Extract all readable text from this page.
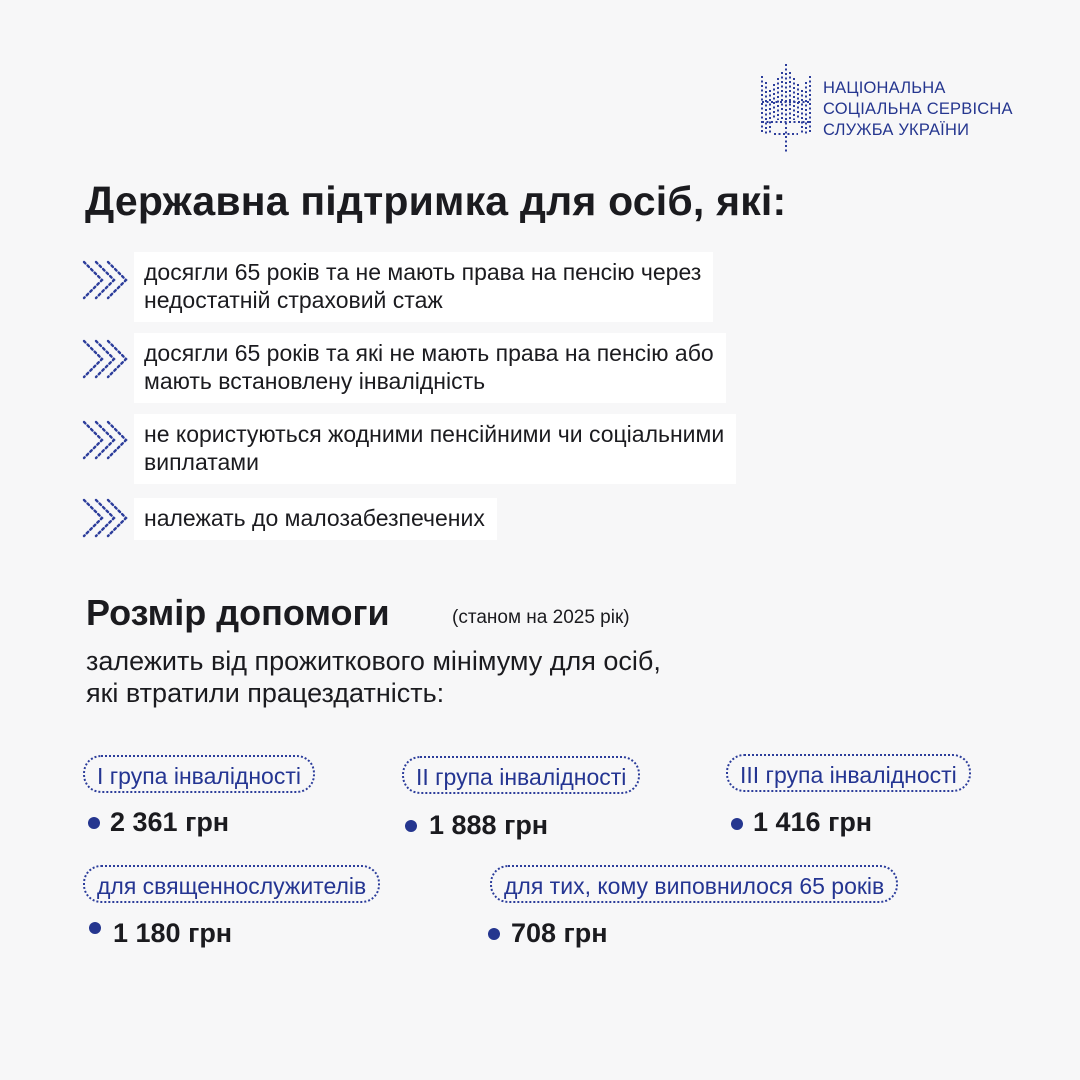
НАЦІОНАЛЬНА
СОЦІАЛЬНА СЕРВІСНА
СЛУЖБА УКРАЇНИ
Державна підтримка для осіб, які:
досягли 65 років та не мають права на пенсію через
недостатній страховий стаж
досягли 65 років та які не мають права на пенсію або
мають встановлену інвалідність
не користуються жодними пенсійними чи соціальними
виплатами
належать до малозабезпечених
Розмір допомоги	(станом на 2025 рік)
залежить від прожиткового мінімуму для осіб,
які втратили працездатність:
I група інвалідності
2 361 грн
II група інвалідності
1 888 грн
III група інвалідності
1 416 грн
для священнослужителів
1 180 грн
для тих, кому виповнилося 65 років
708 грн
